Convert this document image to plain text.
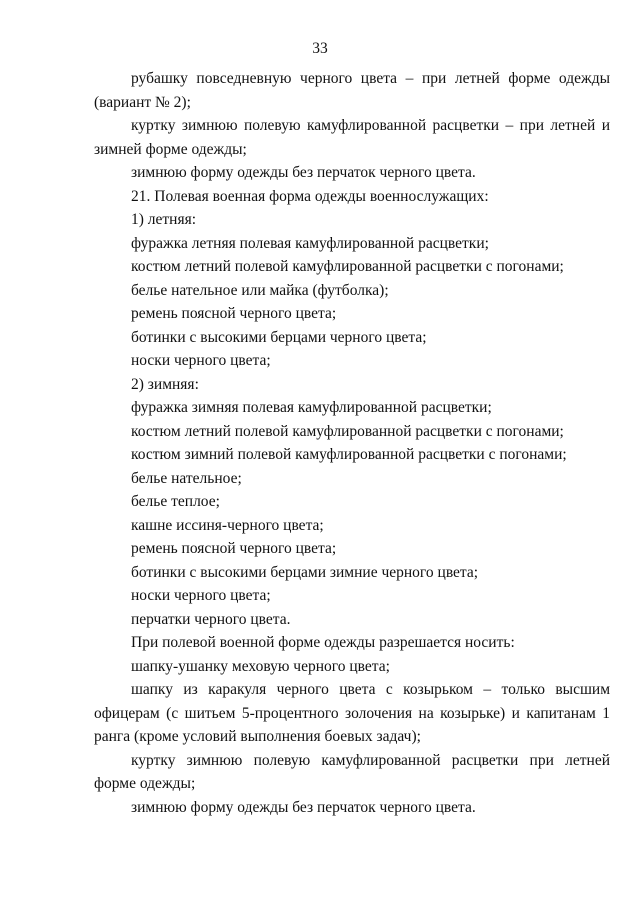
33

рубашку повседневную черного цвета – при летней форме одежды (вариант № 2);

куртку зимнюю полевую камуфлированной расцветки – при летней и зимней форме одежды;

зимнюю форму одежды без перчаток черного цвета.

21. Полевая военная форма одежды военнослужащих:

1) летняя:

фуражка летняя полевая камуфлированной расцветки;

костюм летний полевой камуфлированной расцветки с погонами;

белье нательное или майка (футболка);

ремень поясной черного цвета;

ботинки с высокими берцами черного цвета;

носки черного цвета;

2) зимняя:

фуражка зимняя полевая камуфлированной расцветки;

костюм летний полевой камуфлированной расцветки с погонами;

костюм зимний полевой камуфлированной расцветки с погонами;

белье нательное;

белье теплое;

кашне иссиня-черного цвета;

ремень поясной черного цвета;

ботинки с высокими берцами зимние черного цвета;

носки черного цвета;

перчатки черного цвета.

При полевой военной форме одежды разрешается носить:

шапку-ушанку меховую черного цвета;

шапку из каракуля черного цвета с козырьком – только высшим офицерам (с шитьем 5-процентного золочения на козырьке) и капитанам 1 ранга (кроме условий выполнения боевых задач);

куртку зимнюю полевую камуфлированной расцветки при летней форме одежды;

зимнюю форму одежды без перчаток черного цвета.
